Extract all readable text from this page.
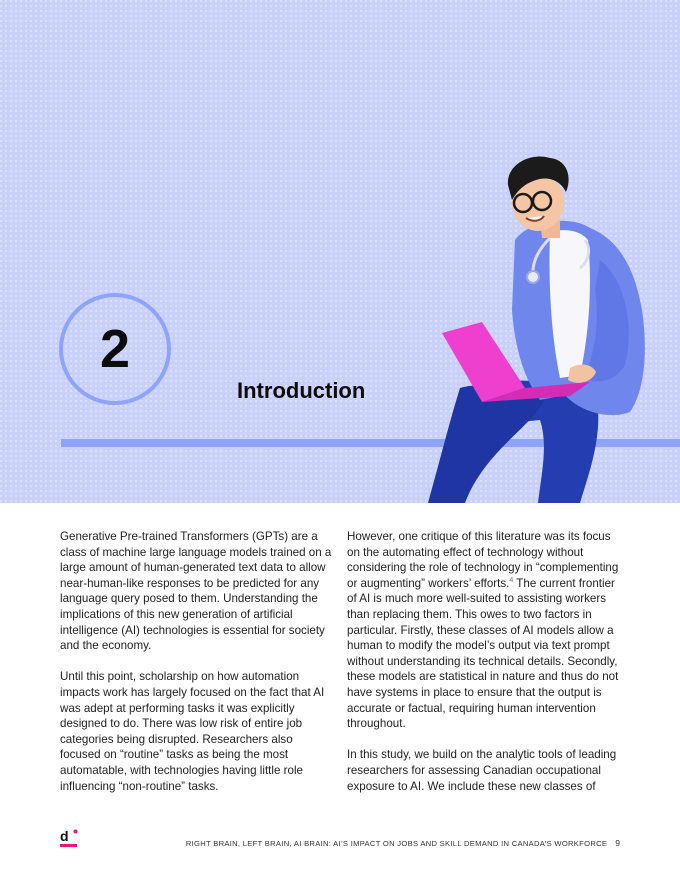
2
Introduction

Generative Pre-trained Transformers (GPTs) are a class of machine large language models trained on a large amount of human-generated text data to allow near-human-like responses to be predicted for any language query posed to them. Understanding the implications of this new generation of artificial intelligence (AI) technologies is essential for society and the economy.

Until this point, scholarship on how automation impacts work has largely focused on the fact that AI was adept at performing tasks it was explicitly designed to do. There was low risk of entire job categories being disrupted. Researchers also focused on “routine” tasks as being the most automatable, with technologies having little role influencing “non-routine” tasks.

However, one critique of this literature was its focus on the automating effect of technology without considering the role of technology in “complementing or augmenting” workers’ efforts.$^4$ The current frontier of AI is much more well-suited to assisting workers than replacing them. This owes to two factors in particular. Firstly, these classes of AI models allow a human to modify the model’s output via text prompt without understanding its technical details. Secondly, these models are statistical in nature and thus do not have systems in place to ensure that the output is accurate or factual, requiring human intervention throughout.

In this study, we build on the analytic tools of leading researchers for assessing Canadian occupational exposure to AI. We include these new classes of

d	RIGHT BRAIN, LEFT BRAIN, AI BRAIN: AI’S IMPACT ON JOBS AND SKILL DEMAND IN CANADA’S WORKFORCE 9
